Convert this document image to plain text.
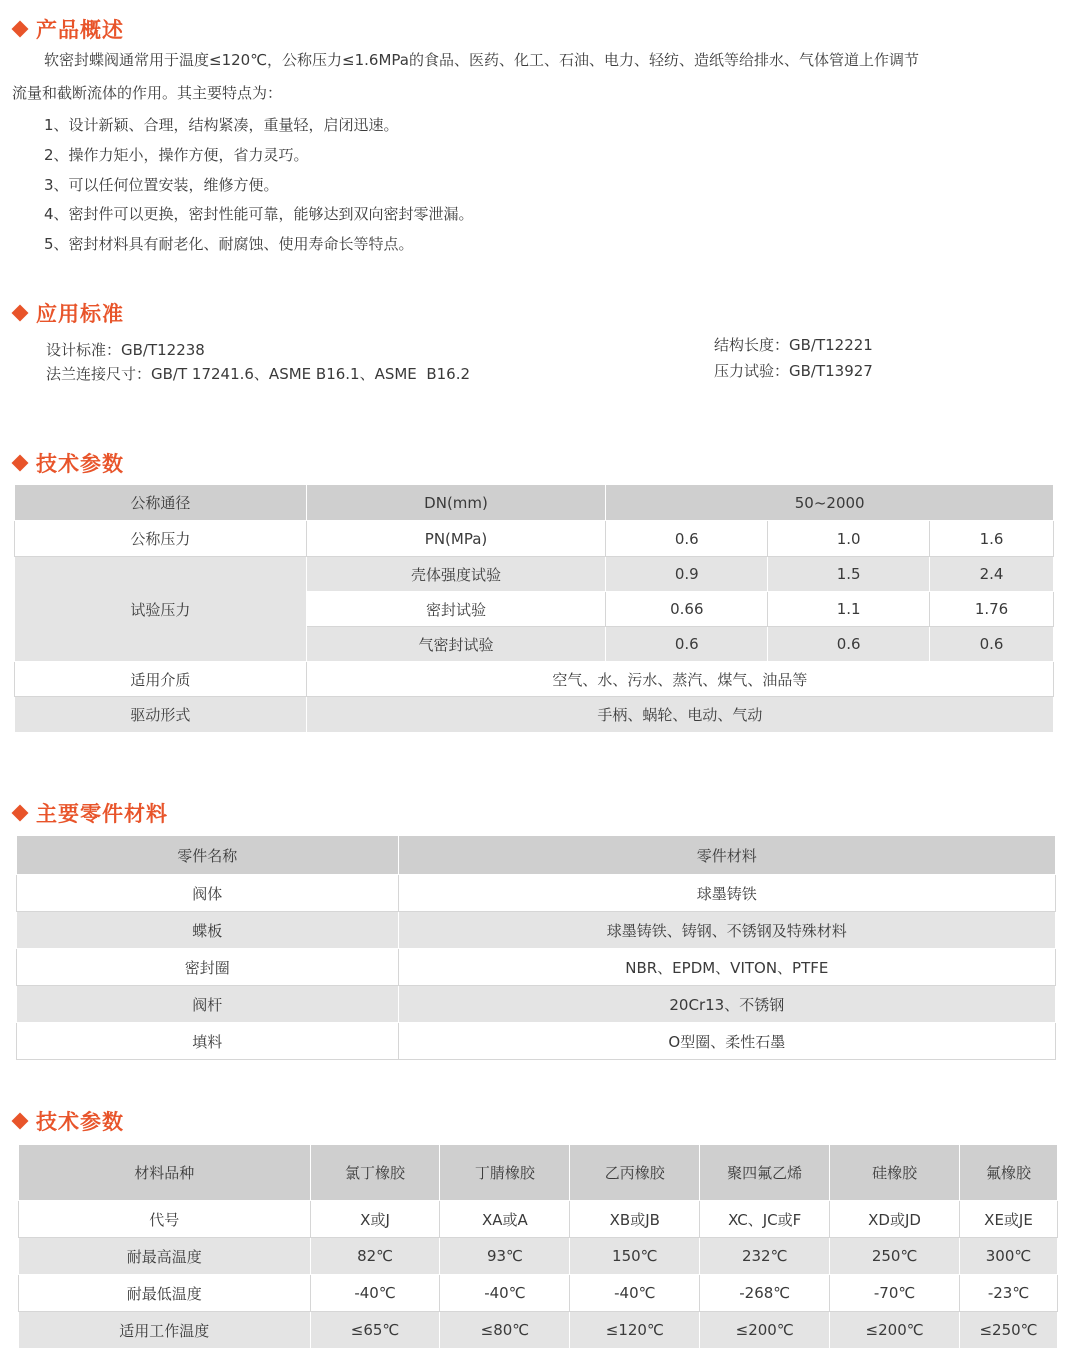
产品概述
软密封蝶阀通常用于温度≤120℃，公称压力≤1.6MPa的食品、医药、化工、石油、电力、轻纺、造纸等给排水、气体管道上作调节
流量和截断流体的作用。其主要特点为：
1、设计新颖、合理，结构紧凑，重量轻，启闭迅速。
2、操作力矩小，操作方便，省力灵巧。
3、可以任何位置安装，维修方便。
4、密封件可以更换，密封性能可靠，能够达到双向密封零泄漏。
5、密封材料具有耐老化、耐腐蚀、使用寿命长等特点。
应用标准
设计标准：GB/T12238
法兰连接尺寸：GB/T 17241.6、ASME B16.1、ASME  B16.2
结构长度：GB/T12221
压力试验：GB/T13927
技术参数
公称通径	DN(mm)	50~2000		
公称压力	PN(MPa)	0.6	1.0	1.6
试验压力	壳体强度试验	0.9	1.5	2.4
	密封试验	0.66	1.1	1.76
	气密封试验	0.6	0.6	0.6
适用介质	空气、水、污水、蒸汽、煤气、油品等			
驱动形式	手柄、蜗轮、电动、气动			
主要零件材料
零件名称	零件材料
阀体	球墨铸铁
蝶板	球墨铸铁、铸钢、不锈钢及特殊材料
密封圈	NBR、EPDM、VITON、PTFE
阀杆	20Cr13、不锈钢
填料	O型圈、柔性石墨
技术参数
材料品种	氯丁橡胶	丁腈橡胶	乙丙橡胶	聚四氟乙烯	硅橡胶	氟橡胶
代号	X或J	XA或A	XB或JB	XC、JC或F	XD或JD	XE或JE
耐最高温度	82℃	93℃	150℃	232℃	250℃	300℃
耐最低温度	-40℃	-40℃	-40℃	-268℃	-70℃	-23℃
适用工作温度	≤65℃	≤80℃	≤120℃	≤200℃	≤200℃	≤250℃
